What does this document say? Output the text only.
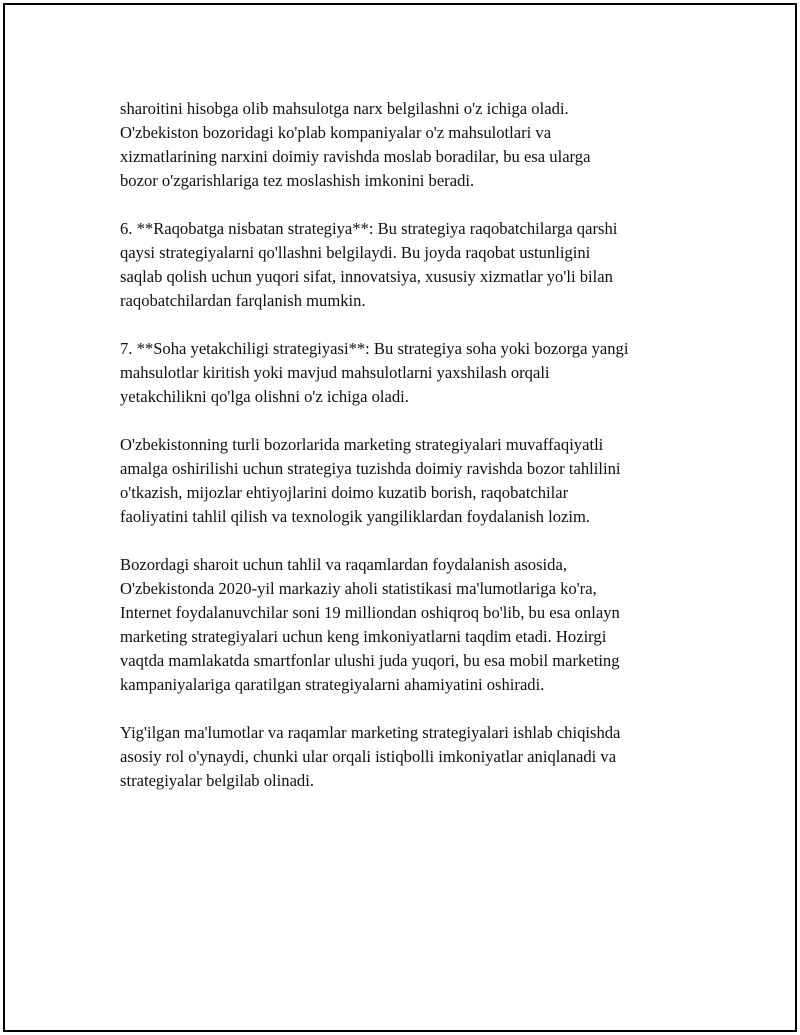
sharoitini hisobga olib mahsulotga narx belgilashni o'z ichiga oladi.
O'zbekiston bozoridagi ko'plab kompaniyalar o'z mahsulotlari va
xizmatlarining narxini doimiy ravishda moslab boradilar, bu esa ularga
bozor o'zgarishlariga tez moslashish imkonini beradi.

6. **Raqobatga nisbatan strategiya**: Bu strategiya raqobatchilarga qarshi
qaysi strategiyalarni qo'llashni belgilaydi. Bu joyda raqobat ustunligini
saqlab qolish uchun yuqori sifat, innovatsiya, xususiy xizmatlar yo'li bilan
raqobatchilardan farqlanish mumkin.

7. **Soha yetakchiligi strategiyasi**: Bu strategiya soha yoki bozorga yangi
mahsulotlar kiritish yoki mavjud mahsulotlarni yaxshilash orqali
yetakchilikni qo'lga olishni o'z ichiga oladi.

O'zbekistonning turli bozorlarida marketing strategiyalari muvaffaqiyatli
amalga oshirilishi uchun strategiya tuzishda doimiy ravishda bozor tahlilini
o'tkazish, mijozlar ehtiyojlarini doimo kuzatib borish, raqobatchilar
faoliyatini tahlil qilish va texnologik yangiliklardan foydalanish lozim.

Bozordagi sharoit uchun tahlil va raqamlardan foydalanish asosida,
O'zbekistonda 2020-yil markaziy aholi statistikasi ma'lumotlariga ko'ra,
Internet foydalanuvchilar soni 19 milliondan oshiqroq bo'lib, bu esa onlayn
marketing strategiyalari uchun keng imkoniyatlarni taqdim etadi. Hozirgi
vaqtda mamlakatda smartfonlar ulushi juda yuqori, bu esa mobil marketing
kampaniyalariga qaratilgan strategiyalarni ahamiyatini oshiradi.

Yig'ilgan ma'lumotlar va raqamlar marketing strategiyalari ishlab chiqishda
asosiy rol o'ynaydi, chunki ular orqali istiqbolli imkoniyatlar aniqlanadi va
strategiyalar belgilab olinadi.
